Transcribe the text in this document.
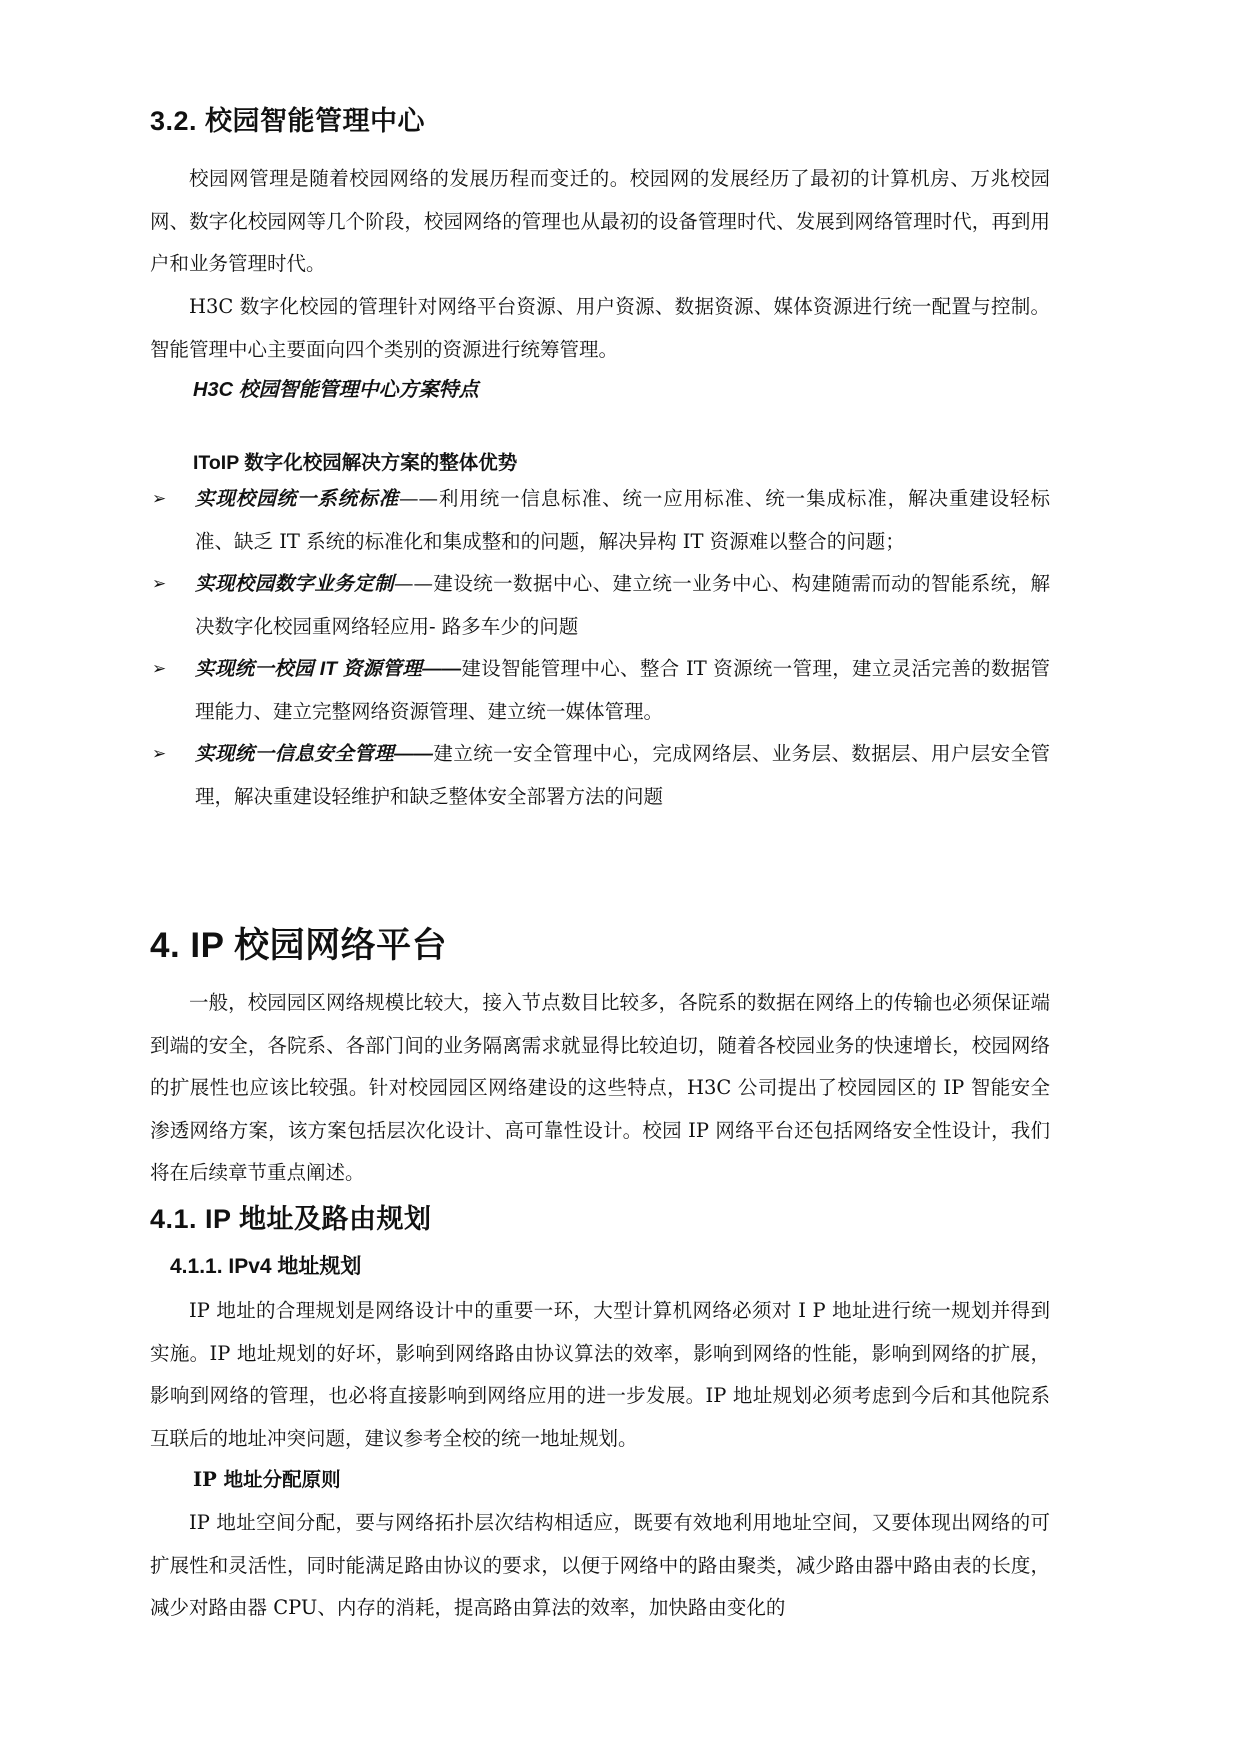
3.2. 校园智能管理中心

校园网管理是随着校园网络的发展历程而变迁的。校园网的发展经历了最初的计算机房、万兆校园网、数字化校园网等几个阶段，校园网络的管理也从最初的设备管理时代、发展到网络管理时代，再到用户和业务管理时代。

H3C 数字化校园的管理针对网络平台资源、用户资源、数据资源、媒体资源进行统一配置与控制。智能管理中心主要面向四个类别的资源进行统筹管理。

H3C 校园智能管理中心方案特点
IToIP 数字化校园解决方案的整体优势
➢ 实现校园统一系统标准——利用统一信息标准、统一应用标准、统一集成标准，解决重建设轻标准、缺乏 IT 系统的标准化和集成整和的问题，解决异构 IT 资源难以整合的问题；
➢ 实现校园数字业务定制——建设统一数据中心、建立统一业务中心、构建随需而动的智能系统，解决数字化校园重网络轻应用- 路多车少的问题
➢ 实现统一校园 IT 资源管理——建设智能管理中心、整合 IT 资源统一管理，建立灵活完善的数据管理能力、建立完整网络资源管理、建立统一媒体管理。
➢ 实现统一信息安全管理——建立统一安全管理中心，完成网络层、业务层、数据层、用户层安全管理，解决重建设轻维护和缺乏整体安全部署方法的问题
4. IP 校园网络平台

一般，校园园区网络规模比较大，接入节点数目比较多，各院系的数据在网络上的传输也必须保证端到端的安全，各院系、各部门间的业务隔离需求就显得比较迫切，随着各校园业务的快速增长，校园网络的扩展性也应该比较强。针对校园园区网络建设的这些特点，H3C 公司提出了校园园区的 IP 智能安全渗透网络方案，该方案包括层次化设计、高可靠性设计。校园 IP 网络平台还包括网络安全性设计，我们将在后续章节重点阐述。

4.1. IP 地址及路由规划
4.1.1. IPv4 地址规划

IP 地址的合理规划是网络设计中的重要一环，大型计算机网络必须对 I P 地址进行统一规划并得到实施。IP 地址规划的好坏，影响到网络路由协议算法的效率，影响到网络的性能，影响到网络的扩展，影响到网络的管理，也必将直接影响到网络应用的进一步发展。IP 地址规划必须考虑到今后和其他院系互联后的地址冲突问题，建议参考全校的统一地址规划。

IP 地址分配原则

IP 地址空间分配，要与网络拓扑层次结构相适应，既要有效地利用地址空间，又要体现出网络的可扩展性和灵活性，同时能满足路由协议的要求，以便于网络中的路由聚类，减少路由器中路由表的长度，减少对路由器 CPU、内存的消耗，提高路由算法的效率，加快路由变化的
